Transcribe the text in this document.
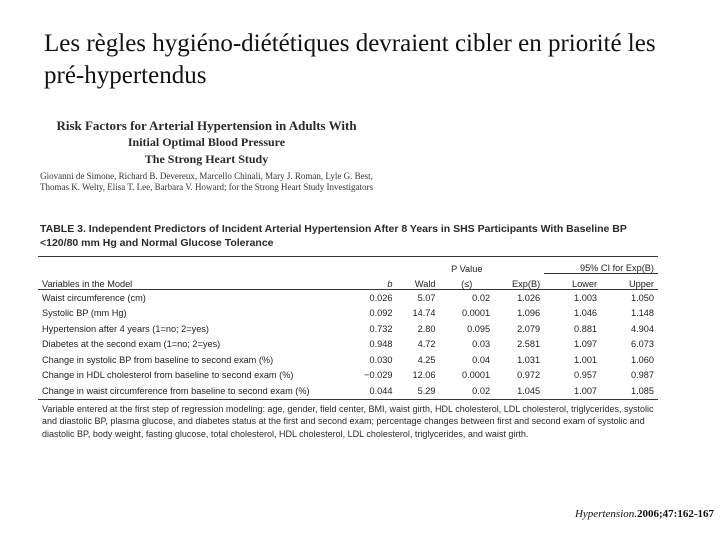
Les règles hygiéno-diététiques devraient cibler en priorité les pré-hypertendus
Risk Factors for Arterial Hypertension in Adults With
Initial Optimal Blood Pressure
The Strong Heart Study
Giovanni de Simone, Richard B. Devereux, Marcello Chinali, Mary J. Roman, Lyle G. Best,
Thomas K. Welty, Elisa T. Lee, Barbara V. Howard; for the Strong Heart Study Investigators
TABLE 3. Independent Predictors of Incident Arterial Hypertension After 8 Years in SHS Participants With Baseline BP
<120/80 mm Hg and Normal Glucose Tolerance
			P Value		95% CI for Exp(B)	
Variables in the Model	b	Wald	(≤)	Exp(B)	Lower	Upper
Waist circumference (cm)	0.026	5.07	0.02	1.026	1.003	1.050
Systolic BP (mm Hg)	0.092	14.74	0.0001	1.096	1.046	1.148
Hypertension after 4 years (1=no; 2=yes)	0.732	2.80	0.095	2.079	0.881	4.904
Diabetes at the second exam (1=no; 2=yes)	0.948	4.72	0.03	2.581	1.097	6.073
Change in systolic BP from baseline to second exam (%)	0.030	4.25	0.04	1.031	1.001	1.060
Change in HDL cholesterol from baseline to second exam (%)	−0.029	12.06	0.0001	0.972	0.957	0.987
Change in waist circumference from baseline to second exam (%)	0.044	5.29	0.02	1.045	1.007	1.085
Variable entered at the first step of regression modeling: age, gender, field center, BMI, waist girth, HDL cholesterol, LDL cholesterol, triglycerides, systolic and diastolic BP, plasma glucose, and diabetes status at the first and second exam; percentage changes between first and second exam of systolic and diastolic BP, body weight, fasting glucose, total cholesterol, HDL cholesterol, LDL cholesterol, triglycerides, and waist girth.
Hypertension.2006;47:162-167
